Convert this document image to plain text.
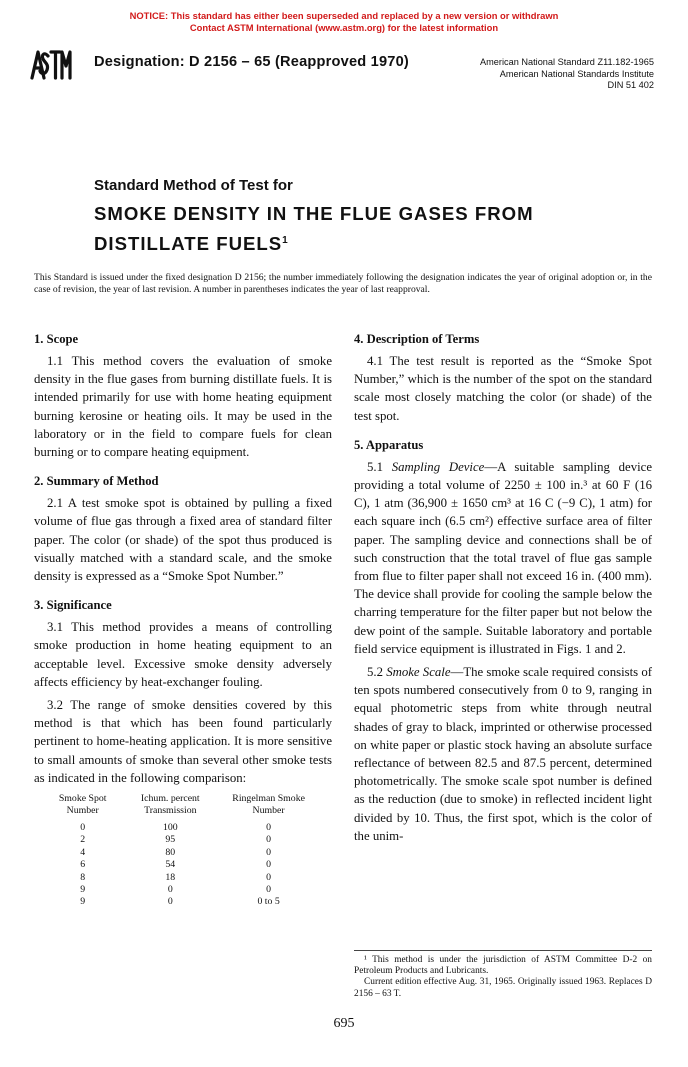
NOTICE: This standard has either been superseded and replaced by a new version or withdrawn
Contact ASTM International (www.astm.org) for the latest information
Designation: D 2156 – 65 (Reapproved 1970)	American National Standard Z11.182-1965
American National Standards Institute
DIN 51 402
Standard Method of Test for
SMOKE DENSITY IN THE FLUE GASES FROM
DISTILLATE FUELS$^1$
This Standard is issued under the fixed designation D 2156; the number immediately following the designation indicates the year of original adoption or, in the case of revision, the year of last revision. A number in parentheses indicates the year of last reapproval.
1. Scope

1.1 This method covers the evaluation of smoke density in the flue gases from burning distillate fuels. It is intended primarily for use with home heating equipment burning kerosine or heating oils. It may be used in the laboratory or in the field to compare fuels for clean burning or to compare heating equipment.

2. Summary of Method

2.1 A test smoke spot is obtained by pulling a fixed volume of flue gas through a fixed area of standard filter paper. The color (or shade) of the spot thus produced is visually matched with a standard scale, and the smoke density is expressed as a “Smoke Spot Number.”

3. Significance

3.1 This method provides a means of controlling smoke production in home heating equipment to an acceptable level. Excessive smoke density adversely affects efficiency by heat-exchanger fouling.

3.2 The range of smoke densities covered by this method is that which has been found particularly pertinent to home-heating application. It is more sensitive to small amounts of smoke than several other smoke tests as indicated in the following comparison:

Smoke Spot Number	Ichum. percent Transmission	Ringelman Smoke Number
0	100	0
2	95	0
4	80	0
6	54	0
8	18	0
9	0	0
9	0	0 to 5
4. Description of Terms

4.1 The test result is reported as the “Smoke Spot Number,” which is the number of the spot on the standard scale most closely matching the color (or shade) of the test spot.

5. Apparatus

5.1 Sampling Device—A suitable sampling device providing a total volume of 2250 ± 100 in.³ at 60 F (16 C), 1 atm (36,900 ± 1650 cm³ at 16 C (−9 C), 1 atm) for each square inch (6.5 cm²) effective surface area of filter paper. The sampling device and connections shall be of such construction that the total travel of flue gas sample from flue to filter paper shall not exceed 16 in. (400 mm). The device shall provide for cooling the sample below the charring temperature for the filter paper but not below the dew point of the sample. Suitable laboratory and portable field service equipment is illustrated in Figs. 1 and 2.

5.2 Smoke Scale—The smoke scale required consists of ten spots numbered consecutively from 0 to 9, ranging in equal photometric steps from white through neutral shades of gray to black, imprinted or otherwise processed on white paper or plastic stock having an absolute surface reflectance of between 82.5 and 87.5 percent, determined photometrically. The smoke scale spot number is defined as the reduction (due to smoke) in reflected incident light divided by 10. Thus, the first spot, which is the color of the unim-

¹ This method is under the jurisdiction of ASTM Committee D-2 on Petroleum Products and Lubricants.

Current edition effective Aug. 31, 1965. Originally issued 1963. Replaces D 2156 – 63 T.

695
